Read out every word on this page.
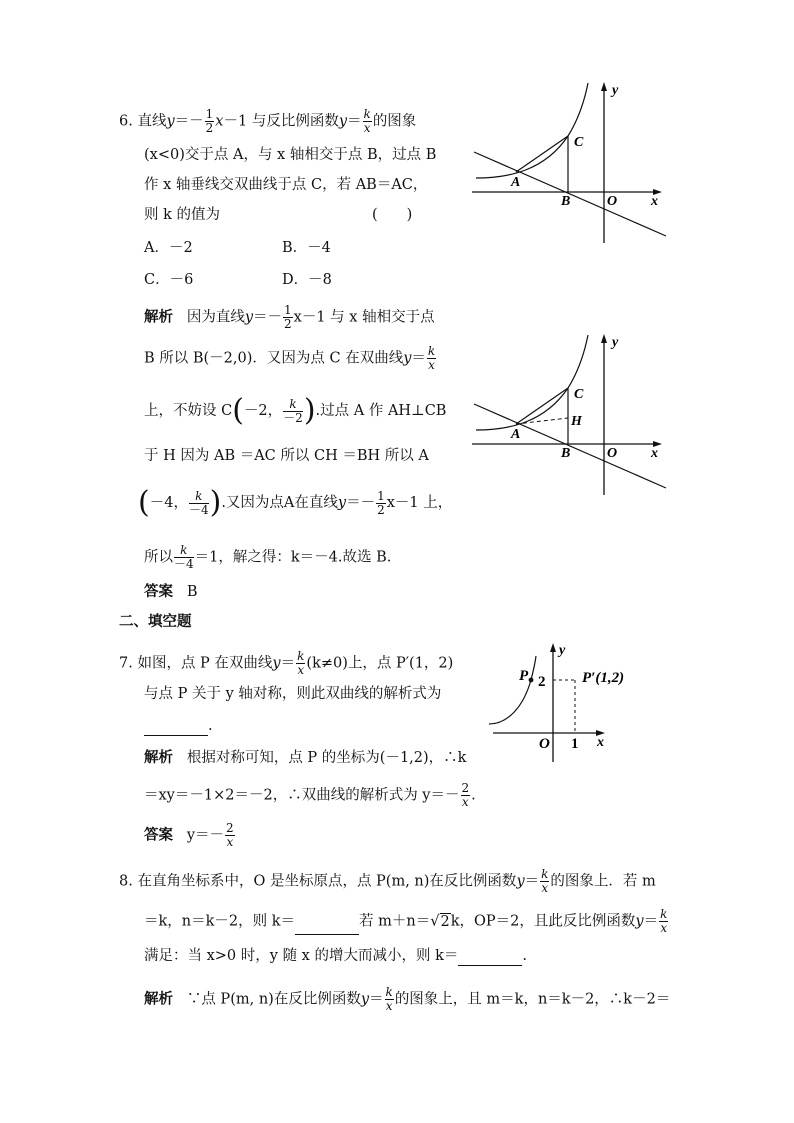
6. 直线$y=- \frac{1}{2} x-1$ 与反比例函数$y= \frac{k}{x}$ 的图象
(x<0)交于点 A，与 x 轴相交于点 B，过点 B
作 x 轴垂线交双曲线于点 C，若 AB＝AC，
则 k 的值为	(　　)
A．－2	B．－4
C．－6	D．－8
y
C
A
B	O x
解析 因为直线$y=- \frac{1}{2} x-1$ 与 x 轴相交于点
B 所以 B(－2,0)．又因为点 C 在双曲线$y= \frac{k}{x}$
上，不妨设 C(－2， $\frac{k}{-2}$ ).过点 A 作 AH⊥CB
于 H 因为 AB ＝AC 所以 CH ＝BH 所以 A
(－4， $\frac{k}{-4}$ ).又因为点A在直线$y=- \frac{1}{2} x-1$ 上，
所以 $\frac{k}{-4} =1$，解之得：k＝－4.故选 B.
答案 B
y
C
H
A
B	O x
二、填空题
7. 如图，点 P 在双曲线$y= \frac{k}{x} (k\ne 0)$上，点 P′(1，2)
与点 P 关于 y 轴对称，则此双曲线的解析式为
.
解析 根据对称可知，点 P 的坐标为(－1,2)，∴k
＝xy＝－1×2＝－2，∴双曲线的解析式为 $y=- \frac{2}{x}$ .
答案 $y=- \frac{2}{x}$
P 2 P′(1,2)
O 1 x
y
8. 在直角坐标系中，O 是坐标原点，点 P(m, n)在反比例函数$y= \frac{k}{x}$ 的图象上．若 m
＝k，n＝k－2，则 k＝	若 m＋n＝√2k，OP＝2，且此反比例函数$y= \frac{k}{x}$
满足：当 x>0 时，y 随 x 的增大而减小，则 k＝	.
解析 ∵点 P(m, n)在反比例函数$y= \frac{k}{x}$ 的图象上，且 m＝k，n＝k－2，∴k－2＝
